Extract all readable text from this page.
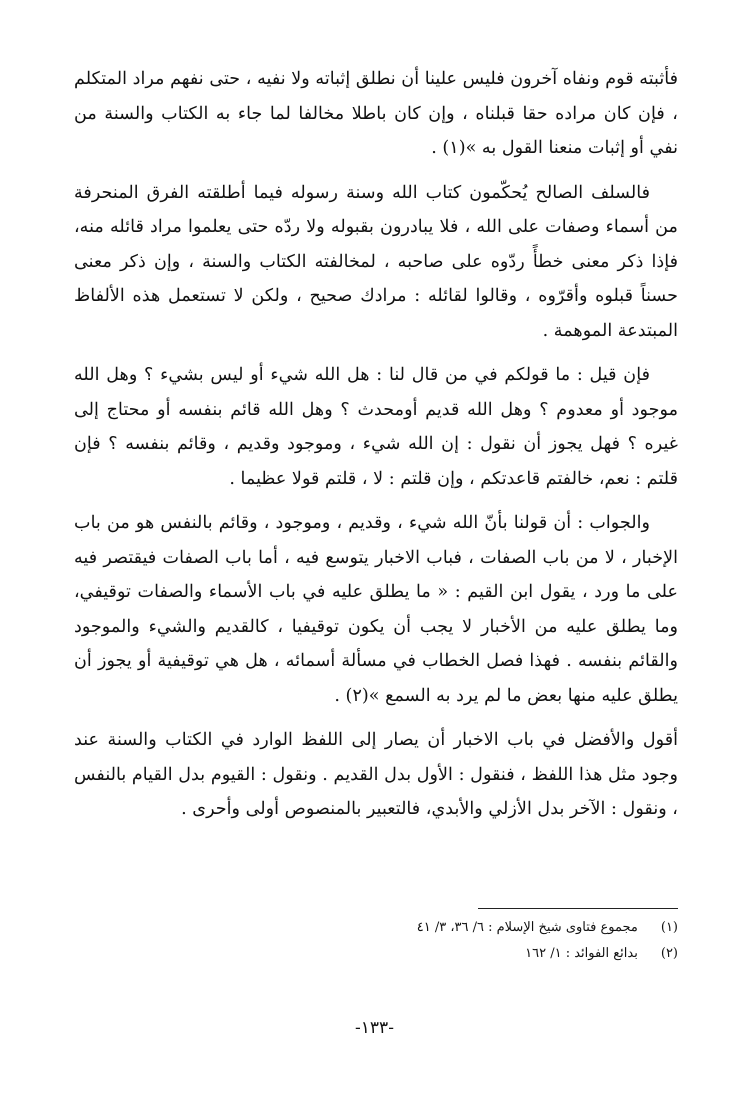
فأثبته قوم ونفاه آخرون فليس علينا أن نطلق إثباته ولا نفيه ، حتى نفهم مراد المتكلم ، فإن كان مراده حقا قبلناه ، وإن كان باطلا مخالفا لما جاء به الكتاب والسنة من نفي أو إثبات منعنا القول به »(١) .

فالسلف الصالح يُحكّمون كتاب الله وسنة رسوله فيما أطلقته الفرق المنحرفة من أسماء وصفات على الله ، فلا يبادرون بقبوله ولا ردّه حتى يعلموا مراد قائله منه، فإذا ذكر معنى خطأً ردّوه على صاحبه ، لمخالفته الكتاب والسنة ، وإن ذكر معنى حسناً قبلوه وأقرّوه ، وقالوا لقائله : مرادك صحيح ، ولكن لا تستعمل هذه الألفاظ المبتدعة الموهمة .

فإن قيل : ما قولكم في من قال لنا : هل الله شيء أو ليس بشيء ؟ وهل الله موجود أو معدوم ؟ وهل الله قديم أومحدث ؟ وهل الله قائم بنفسه أو محتاج إلى غيره ؟ فهل يجوز أن نقول : إن الله شيء ، وموجود وقديم ، وقائم بنفسه ؟ فإن قلتم : نعم، خالفتم قاعدتكم ، وإن قلتم : لا ، قلتم قولا عظيما .

والجواب : أن قولنا بأنّ الله شيء ، وقديم ، وموجود ، وقائم بالنفس هو من باب الإخبار ، لا من باب الصفات ، فباب الاخبار يتوسع فيه ، أما باب الصفات فيقتصر فيه على ما ورد ، يقول ابن القيم : « ما يطلق عليه في باب الأسماء والصفات توقيفي، وما يطلق عليه من الأخبار لا يجب أن يكون توقيفيا ، كالقديم والشيء والموجود والقائم بنفسه . فهذا فصل الخطاب في مسألة أسمائه ، هل هي توقيفية أو يجوز أن يطلق عليه منها بعض ما لم يرد به السمع »(٢) .

أقول والأفضل في باب الاخبار أن يصار إلى اللفظ الوارد في الكتاب والسنة عند وجود مثل هذا اللفظ ، فنقول : الأول بدل القديم . ونقول : القيوم بدل القيام بالنفس ، ونقول : الآخر بدل الأزلي والأبدي، فالتعبير بالمنصوص أولى وأحرى .

(١) مجموع فتاوى شيخ الإسلام : ٦/ ٣٦، ٣/ ٤١

(٢) بدائع الفوائد : ١/ ١٦٢

-١٣٣-
